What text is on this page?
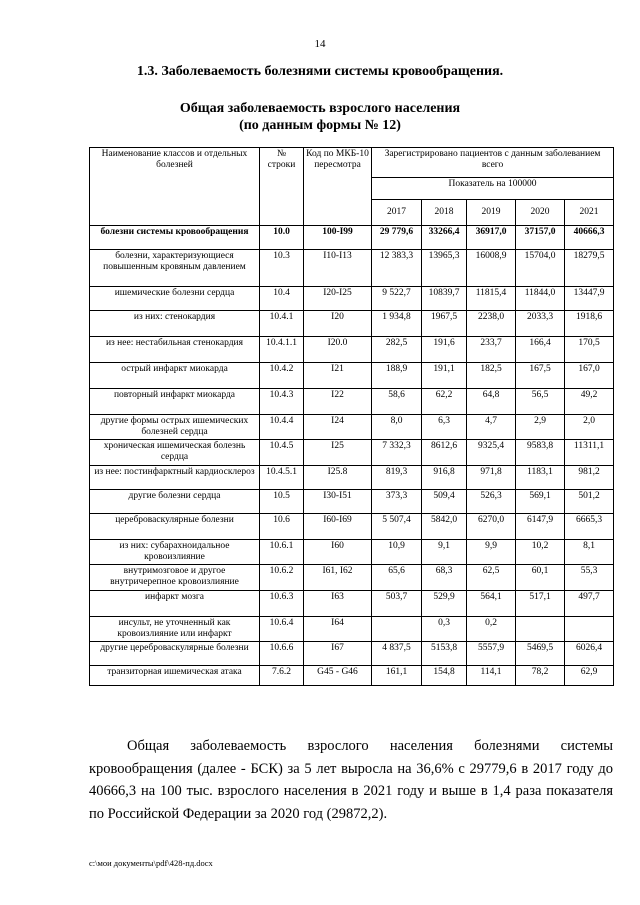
14
1.3. Заболеваемость болезнями системы кровообращения.
Общая заболеваемость взрослого населения
(по данным формы № 12)
Наименование классов и отдельных болезней	№ строки	Код по МКБ-10 пересмотра	Зарегистрировано пациентов с данным заболеванием всего				
			Показатель на 100000				
			2017	2018	2019	2020	2021
болезни системы кровообращения	10.0	100-I99	29 779,6	33266,4	36917,0	37157,0	40666,3
болезни, характеризующиеся повышенным кровяным давлением	10.3	I10-I13	12 383,3	13965,3	16008,9	15704,0	18279,5
ишемические болезни сердца	10.4	I20-I25	9 522,7	10839,7	11815,4	11844,0	13447,9
из них: стенокардия	10.4.1	I20	1 934,8	1967,5	2238,0	2033,3	1918,6
из нее: нестабильная стенокардия	10.4.1.1	I20.0	282,5	191,6	233,7	166,4	170,5
острый инфаркт миокарда	10.4.2	I21	188,9	191,1	182,5	167,5	167,0
повторный инфаркт миокарда	10.4.3	I22	58,6	62,2	64,8	56,5	49,2
другие формы острых ишемических болезней сердца	10.4.4	I24	8,0	6,3	4,7	2,9	2,0
хроническая ишемическая болезнь сердца	10.4.5	I25	7 332,3	8612,6	9325,4	9583,8	11311,1
из нее: постинфарктный кардиосклероз	10.4.5.1	I25.8	819,3	916,8	971,8	1183,1	981,2
другие болезни сердца	10.5	I30-I51	373,3	509,4	526,3	569,1	501,2
цереброваскулярные болезни	10.6	I60-I69	5 507,4	5842,0	6270,0	6147,9	6665,3
из них: субарахноидальное кровоизлияние	10.6.1	I60	10,9	9,1	9,9	10,2	8,1
внутримозговое и другое внутричерепное кровоизлияние	10.6.2	I61, I62	65,6	68,3	62,5	60,1	55,3
инфаркт мозга	10.6.3	I63	503,7	529,9	564,1	517,1	497,7
инсульт, не уточненный как кровоизлияние или инфаркт	10.6.4	I64		0,3	0,2		
другие цереброваскулярные болезни	10.6.6	I67	4 837,5	5153,8	5557,9	5469,5	6026,4
транзиторная ишемическая атака	7.6.2	G45 - G46	161,1	154,8	114,1	78,2	62,9
Общая заболеваемость взрослого населения болезнями системы кровообращения (далее - БСК) за 5 лет выросла на 36,6% с 29779,6 в 2017 году до 40666,3 на 100 тыс. взрослого населения в 2021 году и выше в 1,4 раза показателя по Российской Федерации за 2020 год (29872,2).
c:\мои документы\pdf\428-пд.docx
